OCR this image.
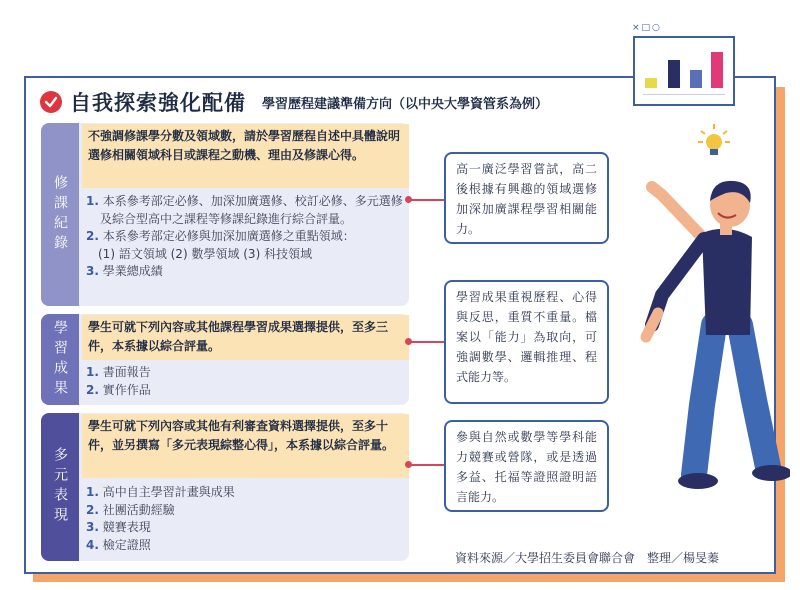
×□○
自我探索強化配備 學習歷程建議準備方向（以中央大學資管系為例）
修課紀錄
不強調修課學分數及領域數，請於學習歷程自述中具體說明選修相關領域科目或課程之動機、理由及修課心得。
1. 本系參考部定必修、加深加廣選修、校訂必修、多元選修及綜合型高中之課程等修課紀錄進行綜合評量。
2. 本系參考部定必修與加深加廣選修之重點領域：
(1) 語文領域 (2) 數學領域 (3) 科技領域
3. 學業總成績
學習成果	學生可就下列內容或其他課程學習成果選擇提供，至多三件，本系據以綜合評量。
1. 書面報告
2. 實作作品
多元表現
學生可就下列內容或其他有利審查資料選擇提供，至多十件，並另撰寫「多元表現綜整心得」，本系據以綜合評量。
1. 高中自主學習計畫與成果
2. 社團活動經驗
3. 競賽表現
4. 檢定證照
高一廣泛學習嘗試，高二後根據有興趣的領域選修加深加廣課程學習相關能力。
學習成果重視歷程、心得與反思，重質不重量。檔案以「能力」為取向，可強調數學、邏輯推理、程式能力等。
參與自然或數學等學科能力競賽或營隊，或是透過多益、托福等證照證明語言能力。
資料來源／大學招生委員會聯合會　整理／楊旻蓁
